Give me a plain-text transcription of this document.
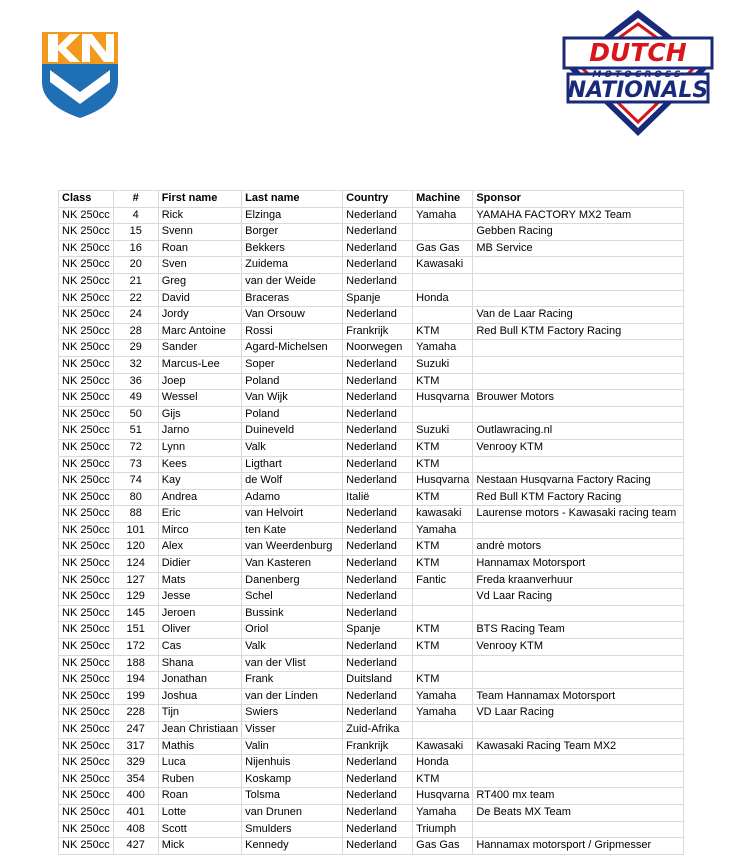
DUTCH
MOTOCROSS
NATIONALS
Class	#	First name	Last name	Country	Machine	Sponsor
NK 250cc	4	Rick	Elzinga	Nederland	Yamaha	YAMAHA FACTORY MX2 Team
NK 250cc	15	Svenn	Borger	Nederland		Gebben Racing
NK 250cc	16	Roan	Bekkers	Nederland	Gas Gas	MB Service
NK 250cc	20	Sven	Zuidema	Nederland	Kawasaki	
NK 250cc	21	Greg	van der Weide	Nederland		
NK 250cc	22	David	Braceras	Spanje	Honda	
NK 250cc	24	Jordy	Van Orsouw	Nederland		Van de Laar Racing
NK 250cc	28	Marc Antoine	Rossi	Frankrijk	KTM	Red Bull KTM Factory Racing
NK 250cc	29	Sander	Agard-Michelsen	Noorwegen	Yamaha	
NK 250cc	32	Marcus-Lee	Soper	Nederland	Suzuki	
NK 250cc	36	Joep	Poland	Nederland	KTM	
NK 250cc	49	Wessel	Van Wijk	Nederland	Husqvarna	Brouwer Motors
NK 250cc	50	Gijs	Poland	Nederland		
NK 250cc	51	Jarno	Duineveld	Nederland	Suzuki	Outlawracing.nl
NK 250cc	72	Lynn	Valk	Nederland	KTM	Venrooy KTM
NK 250cc	73	Kees	Ligthart	Nederland	KTM	
NK 250cc	74	Kay	de Wolf	Nederland	Husqvarna	Nestaan Husqvarna Factory Racing
NK 250cc	80	Andrea	Adamo	Italië	KTM	Red Bull KTM Factory Racing
NK 250cc	88	Eric	van Helvoirt	Nederland	kawasaki	Laurense motors - Kawasaki racing team
NK 250cc	101	Mirco	ten Kate	Nederland	Yamaha	
NK 250cc	120	Alex	van Weerdenburg	Nederland	KTM	andrè motors
NK 250cc	124	Didier	Van Kasteren	Nederland	KTM	Hannamax Motorsport
NK 250cc	127	Mats	Danenberg	Nederland	Fantic	Freda kraanverhuur
NK 250cc	129	Jesse	Schel	Nederland		Vd Laar Racing
NK 250cc	145	Jeroen	Bussink	Nederland		
NK 250cc	151	Oliver	Oriol	Spanje	KTM	BTS Racing Team
NK 250cc	172	Cas	Valk	Nederland	KTM	Venrooy KTM
NK 250cc	188	Shana	van der Vlist	Nederland		
NK 250cc	194	Jonathan	Frank	Duitsland	KTM	
NK 250cc	199	Joshua	van der Linden	Nederland	Yamaha	Team Hannamax Motorsport
NK 250cc	228	Tijn	Swiers	Nederland	Yamaha	VD Laar Racing
NK 250cc	247	Jean Christiaan	Visser	Zuid-Afrika		
NK 250cc	317	Mathis	Valin	Frankrijk	Kawasaki	Kawasaki Racing Team MX2
NK 250cc	329	Luca	Nijenhuis	Nederland	Honda	
NK 250cc	354	Ruben	Koskamp	Nederland	KTM	
NK 250cc	400	Roan	Tolsma	Nederland	Husqvarna	RT400 mx team
NK 250cc	401	Lotte	van Drunen	Nederland	Yamaha	De Beats MX Team
NK 250cc	408	Scott	Smulders	Nederland	Triumph	
NK 250cc	427	Mick	Kennedy	Nederland	Gas Gas	Hannamax motorsport / Gripmesser
